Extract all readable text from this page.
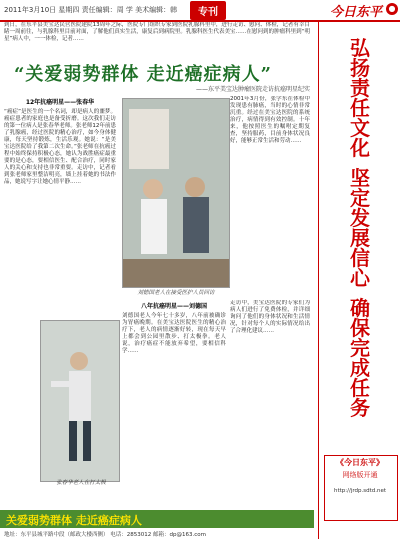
2011年3月10日 星期四 责任编辑：周 学 美术编辑：韩	专刊	今日东平 ●
到日，在东平县美宝达民营医院建院13周年之际，医院专门组织专家到医院乳腺科里中，进行走访、慰问、体检，记者有幸目睹一周前往，与乳腺科里目前对面，了解他们真实生活，康复后到病院里。乳腺科医生代表美宝……在慰问到的肿瘤科里到“明星”病人中，一一体检，记者……
“关爱弱势群体 走近癌症病人”
——东平美宝达肿瘤医院走访抗癌明星纪实
12年抗癌明星——张春华
“癌症”是医生的一个名词，却是病人的噩梦。癌症患者的家庭也是备受折磨。这次我们走访的第一位病人是张春华老师。张老师12年前患了乳腺癌，经过医院的精心治疗，如今身体健康，每天坚持锻炼，生活乐观。她说：“是美宝达医院给了我第二次生命。”张老师在抗癌过程中始终保持积极心态，她认为战胜癌症最重要的是心态，要相信医生、配合治疗，同时家人的关心和支持也非常重要。走访中，记者看到张老师家里整洁明亮，墙上挂着她的书法作品，她说写字让她心情平静……
刘德国老人在接受医护人员回访
2001年3月份，张学东在体检中发现患有肺癌，当时的心情非常沉重。经过在美宝达医院的系统治疗，病情得到有效控制。十年来，他按照医生的嘱咐定期复查，坚持服药，目前身体状况良好，能够正常生活和劳动……
八年抗癌明星——刘德国
刘德国老人今年七十多岁，八年前被确诊为胃癌晚期。在美宝达医院医生的精心治疗下，老人的病情逐渐好转，现在每天早上都会到公园里散步、打太极拳。老人说，治疗癌症不能放弃希望，要相信科学……
走访中，美宝达医院的专家们为病人们进行了免费体检，并详细询问了他们的身体状况和生活情况，针对每个人的实际情况给出了合理化建议……
张春华老人在打太极
关爱弱势群体 走近癌症病人
地址：东平县城平路中段（邮政大楼西侧） 电话：2853012 邮箱：dp@163.com
弘
扬
责
任
文
化

坚
定
发
展
信
心

确
保
完
成
任
务
《今日东平》
网络版开通
http://jrdp.sdtd.net
